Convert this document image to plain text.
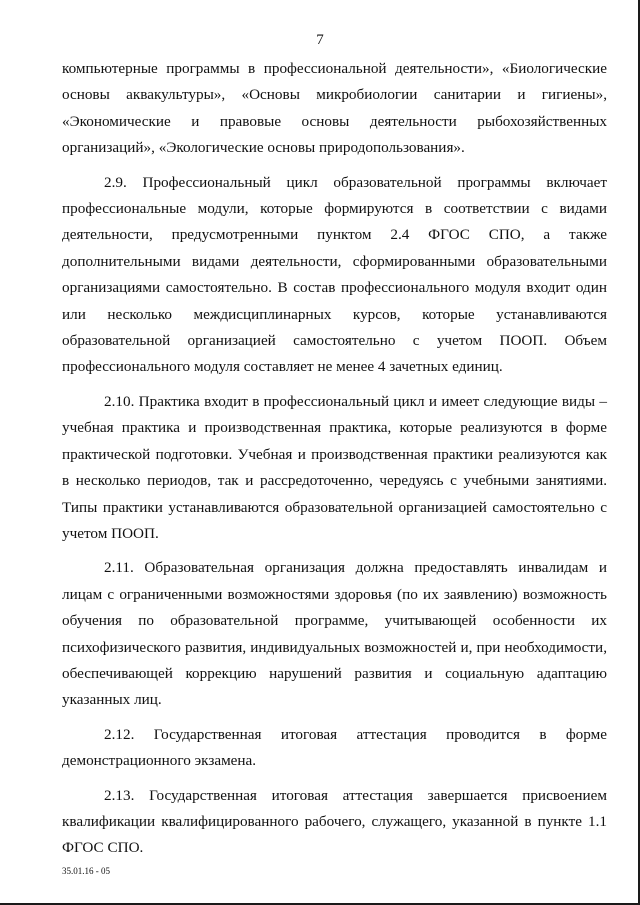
7

компьютерные программы в профессиональной деятельности», «Биологические основы аквакультуры», «Основы микробиологии санитарии и гигиены», «Экономические и правовые основы деятельности рыбохозяйственных организаций», «Экологические основы природопользования».

2.9. Профессиональный цикл образовательной программы включает профессиональные модули, которые формируются в соответствии с видами деятельности, предусмотренными пунктом 2.4 ФГОС СПО, а также дополнительными видами деятельности, сформированными образовательными организациями самостоятельно. В состав профессионального модуля входит один или несколько междисциплинарных курсов, которые устанавливаются образовательной организацией самостоятельно с учетом ПООП. Объем профессионального модуля составляет не менее 4 зачетных единиц.

2.10. Практика входит в профессиональный цикл и имеет следующие виды – учебная практика и производственная практика, которые реализуются в форме практической подготовки. Учебная и производственная практики реализуются как в несколько периодов, так и рассредоточенно, чередуясь с учебными занятиями. Типы практики устанавливаются образовательной организацией самостоятельно с учетом ПООП.

2.11. Образовательная организация должна предоставлять инвалидам и лицам с ограниченными возможностями здоровья (по их заявлению) возможность обучения по образовательной программе, учитывающей особенности их психофизического развития, индивидуальных возможностей и, при необходимости, обеспечивающей коррекцию нарушений развития и социальную адаптацию указанных лиц.

2.12. Государственная итоговая аттестация проводится в форме демонстрационного экзамена.

2.13. Государственная итоговая аттестация завершается присвоением квалификации квалифицированного рабочего, служащего, указанной в пункте 1.1 ФГОС СПО.

35.01.16 - 05
